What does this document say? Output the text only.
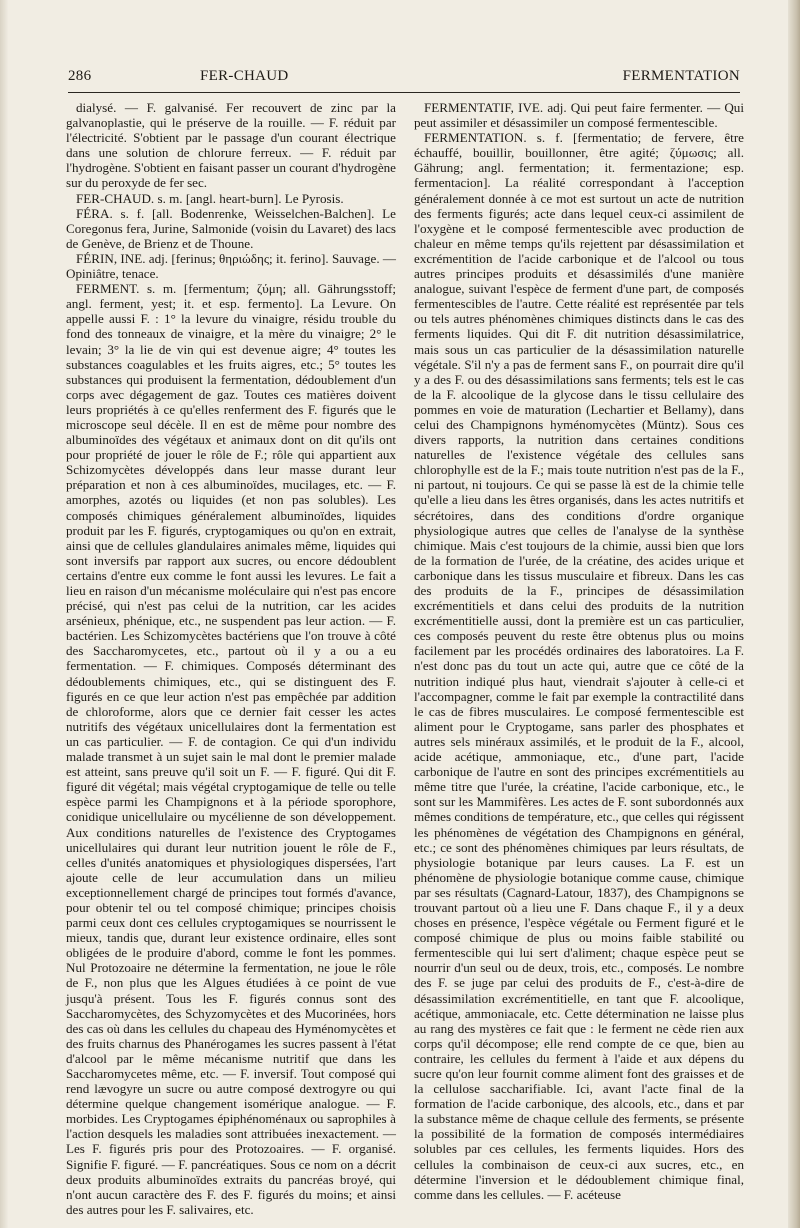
286	FER-CHAUD	FERMENTATION

dialysé. — F. galvanisé. Fer recouvert de zinc par la galvanoplastie, qui le préserve de la rouille. — F. réduit par l'électricité. S'obtient par le passage d'un courant électrique dans une solution de chlorure ferreux. — F. réduit par l'hydrogène. S'obtient en faisant passer un courant d'hydrogène sur du peroxyde de fer sec.

FER-CHAUD. s. m. [angl. heart-burn]. Le Pyrosis.

FÉRA. s. f. [all. Bodenrenke, Weisselchen-Balchen]. Le Coregonus fera, Jurine, Salmonide (voisin du Lavaret) des lacs de Genève, de Brienz et de Thoune.

FÉRIN, INE. adj. [ferinus; θηριώδης; it. ferino]. Sauvage. — Opiniâtre, tenace.

FERMENT. s. m. [fermentum; ζύμη; all. Gährungsstoff; angl. ferment, yest; it. et esp. fermento]. La Levure. On appelle aussi F. : 1° la levure du vinaigre, résidu trouble du fond des tonneaux de vinaigre, et la mère du vinaigre; 2° le levain; 3° la lie de vin qui est devenue aigre; 4° toutes les substances coagulables et les fruits aigres, etc.; 5° toutes les substances qui produisent la fermentation, dédoublement d'un corps avec dégagement de gaz. Toutes ces matières doivent leurs propriétés à ce qu'elles renferment des F. figurés que le microscope seul décèle. Il en est de même pour nombre des albuminoïdes des végétaux et animaux dont on dit qu'ils ont pour propriété de jouer le rôle de F.; rôle qui appartient aux Schizomycètes développés dans leur masse durant leur préparation et non à ces albuminoïdes, mucilages, etc. — F. amorphes, azotés ou liquides (et non pas solubles). Les composés chimiques généralement albuminoïdes, liquides produit par les F. figurés, cryptogamiques ou qu'on en extrait, ainsi que de cellules glandulaires animales même, liquides qui sont inversifs par rapport aux sucres, ou encore dédoublent certains d'entre eux comme le font aussi les levures. Le fait a lieu en raison d'un mécanisme moléculaire qui n'est pas encore précisé, qui n'est pas celui de la nutrition, car les acides arsénieux, phénique, etc., ne suspendent pas leur action. — F. bactérien. Les Schizomycètes bactériens que l'on trouve à côté des Saccharomycetes, etc., partout où il y a ou a eu fermentation. — F. chimiques. Composés déterminant des dédoublements chimiques, etc., qui se distinguent des F. figurés en ce que leur action n'est pas empêchée par addition de chloroforme, alors que ce dernier fait cesser les actes nutritifs des végétaux unicellulaires dont la fermentation est un cas particulier. — F. de contagion. Ce qui d'un individu malade transmet à un sujet sain le mal dont le premier malade est atteint, sans preuve qu'il soit un F. — F. figuré. Qui dit F. figuré dit végétal; mais végétal cryptogamique de telle ou telle espèce parmi les Champignons et à la période sporophore, conidique unicellulaire ou mycélienne de son développement. Aux conditions naturelles de l'existence des Cryptogames unicellulaires qui durant leur nutrition jouent le rôle de F., celles d'unités anatomiques et physiologiques dispersées, l'art ajoute celle de leur accumulation dans un milieu exceptionnellement chargé de principes tout formés d'avance, pour obtenir tel ou tel composé chimique; principes choisis parmi ceux dont ces cellules cryptogamiques se nourrissent le mieux, tandis que, durant leur existence ordinaire, elles sont obligées de le produire d'abord, comme le font les pommes. Nul Protozoaire ne détermine la fermentation, ne joue le rôle de F., non plus que les Algues étudiées à ce point de vue jusqu'à présent. Tous les F. figurés connus sont des Saccharomycètes, des Schyzomycètes et des Mucorinées, hors des cas où dans les cellules du chapeau des Hyménomycètes et des fruits charnus des Phanérogames les sucres passent à l'état d'alcool par le même mécanisme nutritif que dans les Saccharomycetes même, etc. — F. inversif. Tout composé qui rend lævogyre un sucre ou autre composé dextrogyre ou qui détermine quelque changement isomérique analogue. — F. morbides. Les Cryptogames épiphénoménaux ou saprophiles à l'action desquels les maladies sont attribuées inexactement. — Les F. figurés pris pour des Protozoaires. — F. organisé. Signifie F. figuré. — F. pancréatiques. Sous ce nom on a décrit deux produits albuminoïdes extraits du pancréas broyé, qui n'ont aucun caractère des F. des F. figurés du moins; et ainsi des autres pour les F. salivaires, etc.

FERMENTATIF, IVE. adj. Qui peut faire fermenter. — Qui peut assimiler et désassimiler un composé fermentescible.

FERMENTATION. s. f. [fermentatio; de fervere, être échauffé, bouillir, bouillonner, être agité; ζύμωσις; all. Gährung; angl. fermentation; it. fermentazione; esp. fermentacion]. La réalité correspondant à l'acception généralement donnée à ce mot est surtout un acte de nutrition des ferments figurés; acte dans lequel ceux-ci assimilent de l'oxygène et le composé fermentescible avec production de chaleur en même temps qu'ils rejettent par désassimilation et excrémentition de l'acide carbonique et de l'alcool ou tous autres principes produits et désassimilés d'une manière analogue, suivant l'espèce de ferment d'une part, de composés fermentescibles de l'autre. Cette réalité est représentée par tels ou tels autres phénomènes chimiques distincts dans le cas des ferments liquides. Qui dit F. dit nutrition désassimilatrice, mais sous un cas particulier de la désassimilation naturelle végétale. S'il n'y a pas de ferment sans F., on pourrait dire qu'il y a des F. ou des désassimilations sans ferments; tels est le cas de la F. alcoolique de la glycose dans le tissu cellulaire des pommes en voie de maturation (Lechartier et Bellamy), dans celui des Champignons hyménomycètes (Müntz). Sous ces divers rapports, la nutrition dans certaines conditions naturelles de l'existence végétale des cellules sans chlorophylle est de la F.; mais toute nutrition n'est pas de la F., ni partout, ni toujours. Ce qui se passe là est de la chimie telle qu'elle a lieu dans les êtres organisés, dans les actes nutritifs et sécrétoires, dans des conditions d'ordre organique physiologique autres que celles de l'analyse de la synthèse chimique. Mais c'est toujours de la chimie, aussi bien que lors de la formation de l'urée, de la créatine, des acides urique et carbonique dans les tissus musculaire et fibreux. Dans les cas des produits de la F., principes de désassimilation excrémentitiels et dans celui des produits de la nutrition excrémentitielle aussi, dont la première est un cas particulier, ces composés peuvent du reste être obtenus plus ou moins facilement par les procédés ordinaires des laboratoires. La F. n'est donc pas du tout un acte qui, autre que ce côté de la nutrition indiqué plus haut, viendrait s'ajouter à celle-ci et l'accompagner, comme le fait par exemple la contractilité dans le cas de fibres musculaires. Le composé fermentescible est aliment pour le Cryptogame, sans parler des phosphates et autres sels minéraux assimilés, et le produit de la F., alcool, acide acétique, ammoniaque, etc., d'une part, l'acide carbonique de l'autre en sont des principes excrémentitiels au même titre que l'urée, la créatine, l'acide carbonique, etc., le sont sur les Mammifères. Les actes de F. sont subordonnés aux mêmes conditions de température, etc., que celles qui régissent les phénomènes de végétation des Champignons en général, etc.; ce sont des phénomènes chimiques par leurs résultats, de physiologie botanique par leurs causes. La F. est un phénomène de physiologie botanique comme cause, chimique par ses résultats (Cagnard-Latour, 1837), des Champignons se trouvant partout où a lieu une F. Dans chaque F., il y a deux choses en présence, l'espèce végétale ou Ferment figuré et le composé chimique de plus ou moins faible stabilité ou fermentescible qui lui sert d'aliment; chaque espèce peut se nourrir d'un seul ou de deux, trois, etc., composés. Le nombre des F. se juge par celui des produits de F., c'est-à-dire de désassimilation excrémentitielle, en tant que F. alcoolique, acétique, ammoniacale, etc. Cette détermination ne laisse plus au rang des mystères ce fait que : le ferment ne cède rien aux corps qu'il décompose; elle rend compte de ce que, bien au contraire, les cellules du ferment à l'aide et aux dépens du sucre qu'on leur fournit comme aliment font des graisses et de la cellulose saccharifiable. Ici, avant l'acte final de la formation de l'acide carbonique, des alcools, etc., dans et par la substance même de chaque cellule des ferments, se présente la possibilité de la formation de composés intermédiaires solubles par ces cellules, les ferments liquides. Hors des cellules la combinaison de ceux-ci aux sucres, etc., en détermine l'inversion et le dédoublement chimique final, comme dans les cellules. — F. acéteuse
